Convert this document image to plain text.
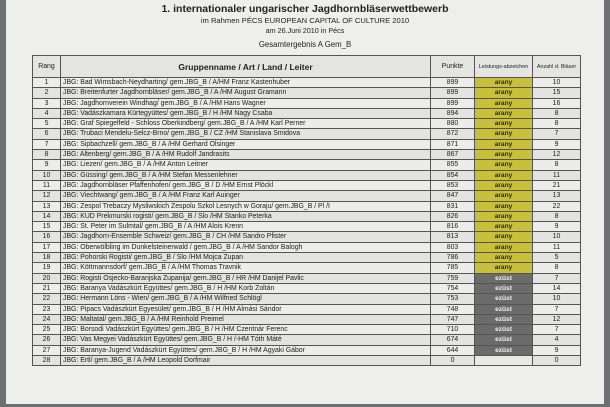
1. internationaler ungarischer Jagdhornbläserwettbewerb
im Rahmen PÉCS EUROPEAN CAPITAL OF CULTURE 2010
am 26.Juni 2010 in Pécs
Gesamtergebnis A Gem_B
Rang	Gruppenname / Art / Land / Leiter	Punkte	Leistungs-abzeichen	Anzahl d. Bläser
1	JBG: Bad Wimsbach-Neydharting/ gem.JBG_B / A/HM Franz Kastenhuber	899	arany	10
2	JBG: Breitenfurter Jagdhornbläser/ gem.JBG_B / A /HM August Gramann	899	arany	15
3	JBG: Jagdhornverein Windhag/ gem.JBG_B / A /HM Hans Wagner	899	arany	16
4	JBG: Vadászkamara Kürtegyüttes/ gem.JBG_B / H /HM Nagy Csaba	894	arany	8
5	JBG: Graf Spiegelfeld - Schloss Oberkindberg/ gem.JBG_B / A /HM Karl Perner	880	arany	8
6	JBG: Trubaci Mendelu-Selcz-Brno/ gem.JBG_B / CZ /HM Stanislava Smidova	872	arany	7
7	JBG: Sipbachzell/ gem.JBG_B / A /HM Gerhard Olsinger	871	arany	9
8	JBG: Altenberg/ gem.JBG_B / A /HM Rudolf Jandrasits	867	arany	12
9	JBG: Liezen/ gem.JBG_B / A /HM Anton Leitner	855	arany	8
10	JBG: Güssing/ gem.JBG_B / A /HM Stefan Messenlehner	854	arany	11
11	JBG: Jagdhornbläser Pfaffenhofen/ gem.JBG_B / D /HM Ernst Plöckl	853	arany	21
12	JBG: Viechtwang/ gem.JBG_B / A /HM Franz Karl Auinger	847	arany	13
13	JBG: Zespol Trebaczy Mysliwskich Zespolu Szkol Lesnych w Goraju/ gem.JBG_B / Pl /I	831	arany	22
14	JBG: KUD Prekmurski rogisti/ gem.JBG_B / Slo /HM Stanko Peterka	826	arany	8
15	JBG: St. Peter im Sulmtal/ gem.JBG_B / A /HM Alois Krenn	816	arany	9
16	JBG: Jagdhorn-Ensemble Schweiz/ gem.JBG_B / CH /HM Sandro Pfister	813	arany	10
17	JBG: Oberwölbling im Dunkelsteinerwald / gem.JBG_B / A /HM Sandor Balogh	803	arany	11
18	JBG: Pohorski Rogisti/ gem.JBG_B / Slo /HM Mojca Zupan	786	arany	5
19	JBG: Köttmannsdorf/ gem.JBG_B / A /HM Thomas Travnik	785	arany	8
20	JBG: Rogisti Osjecko-Baranjska Zupanija/ gem.JBG_B / HR /HM Danijel Pavlic	759	ezüst	7
21	JBG: Baranya Vadászkürt Együttes/ gem.JBG_B / H /HM Korb Zoltán	754	ezüst	14
22	JBG: Hermann Löns - Wien/ gem.JBG_B / A /HM Wilfried Schlögl	753	ezüst	10
23	JBG: Pipacs Vadászkürt Egyesület/ gem.JBG_B / H /HM Almási Sándor	748	ezüst	7
24	JBG: Maltatal/ gem.JBG_B / A /HM Reinhold Preimel	747	ezüst	12
25	JBG: Borsodi Vadászkürt Együttes/ gem.JBG_B / H /HM Czentnár Ferenc	710	ezüst	7
26	JBG: Vas Megyei Vadászkürt Együttes/ gem.JBG_B / H /-HM Tóth Máté	674	ezüst	4
27	JBG: Baranya-Jugend Vadászkürt Együttes/ gem.JBG_B / H /HM Agyaki Gábor	644	ezüst	9
28	JBG: Ertl/ gem.JBG_B / A /HM Leopold Dorfmair	0		0
